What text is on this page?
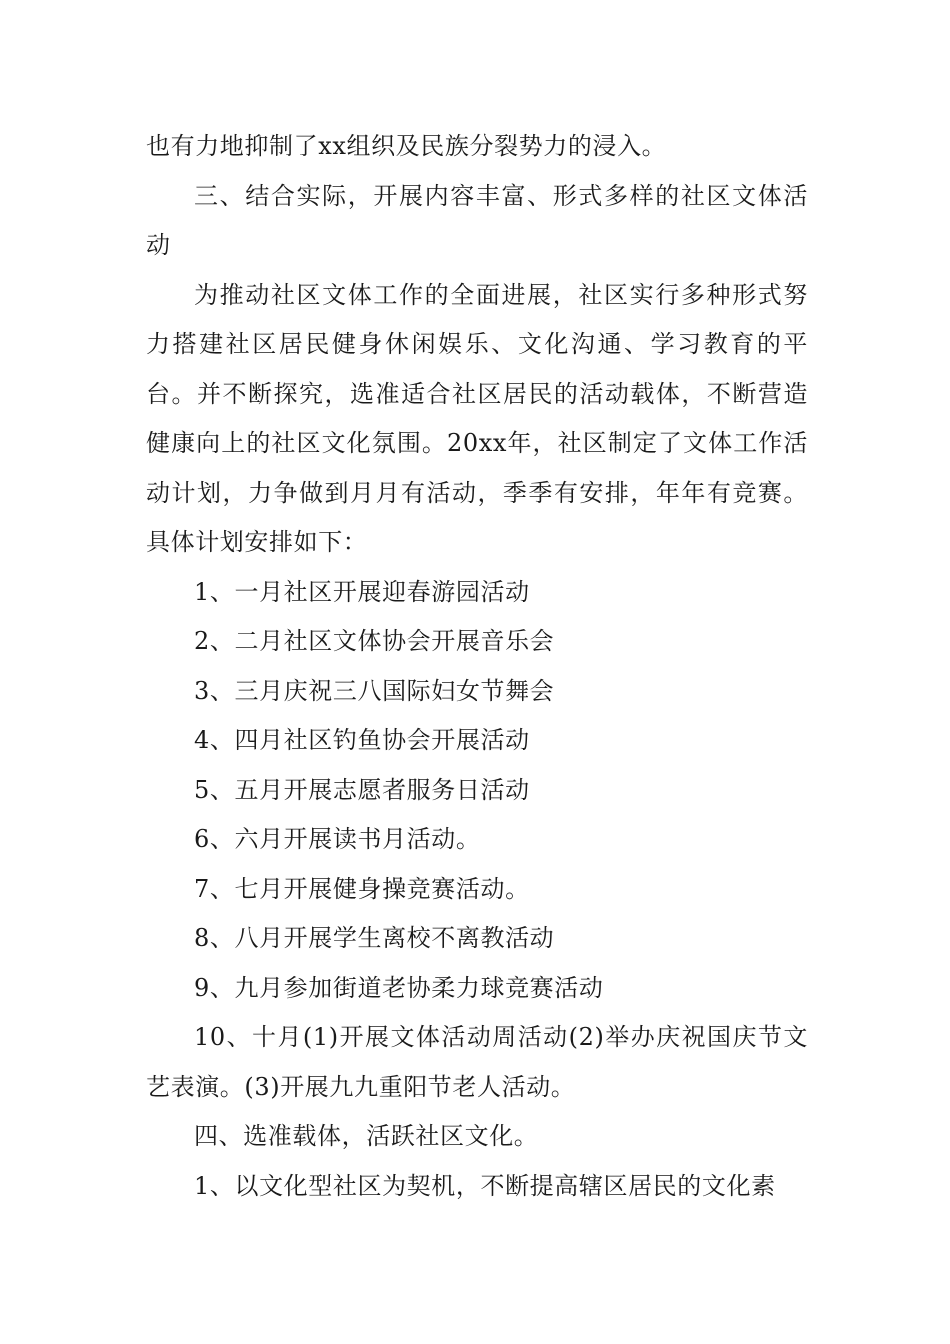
也有力地抑制了xx组织及民族分裂势力的浸入。

三、结合实际，开展内容丰富、形式多样的社区文体活动

为推动社区文体工作的全面进展，社区实行多种形式努力搭建社区居民健身休闲娱乐、文化沟通、学习教育的平台。并不断探究，选准适合社区居民的活动载体，不断营造健康向上的社区文化氛围。20xx年，社区制定了文体工作活动计划，力争做到月月有活动，季季有安排，年年有竞赛。具体计划安排如下：

1、一月社区开展迎春游园活动

2、二月社区文体协会开展音乐会

3、三月庆祝三八国际妇女节舞会

4、四月社区钓鱼协会开展活动

5、五月开展志愿者服务日活动

6、六月开展读书月活动。

7、七月开展健身操竞赛活动。

8、八月开展学生离校不离教活动

9、九月参加街道老协柔力球竞赛活动

10、十月(1)开展文体活动周活动(2)举办庆祝国庆节文艺表演。(3)开展九九重阳节老人活动。

四、选准载体，活跃社区文化。

1、以文化型社区为契机，不断提高辖区居民的文化素
